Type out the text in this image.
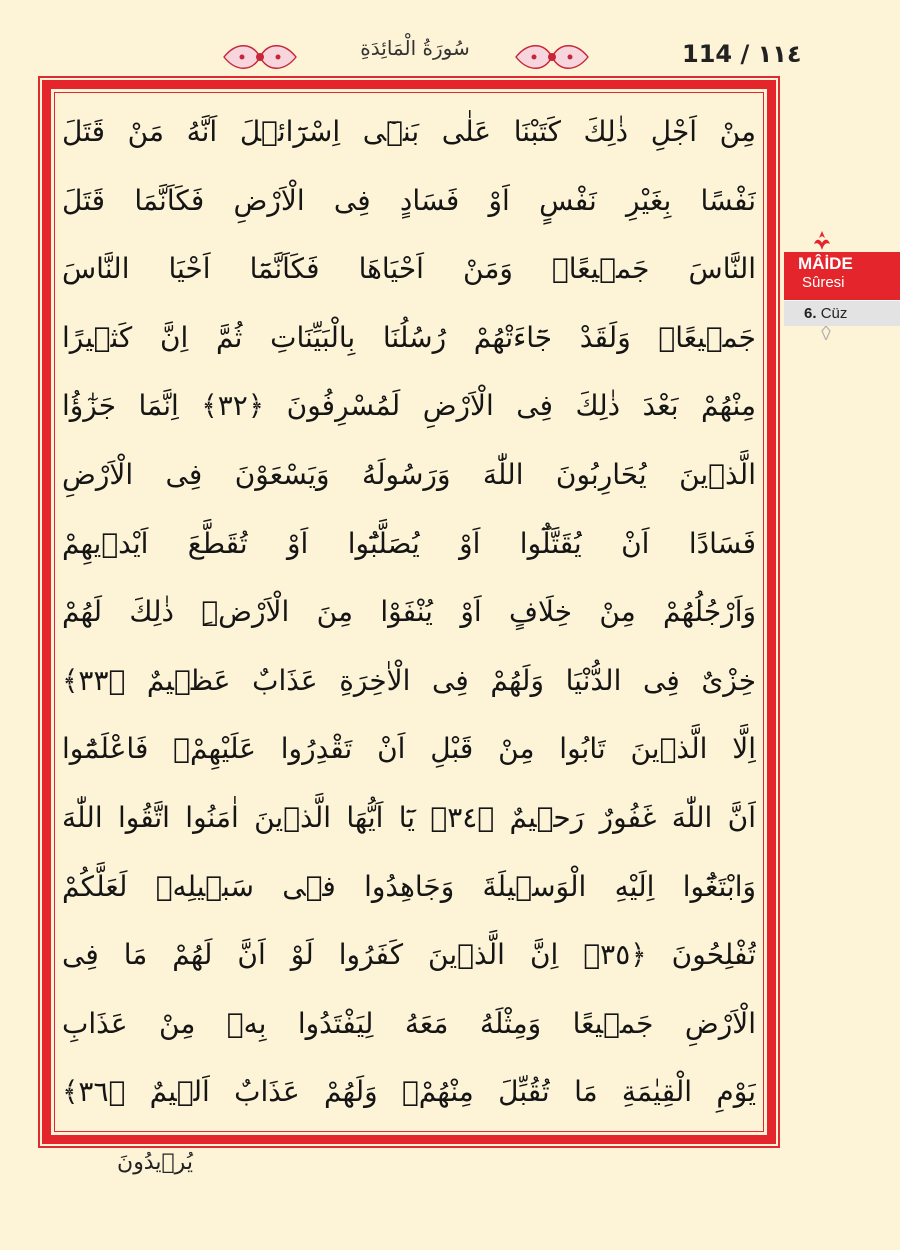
سُورَةُ الْمَائِدَةِ	114 / ١١٤
مِنْ اَجْلِ ذٰلِكَ كَتَبْنَا عَلٰى بَنٖٓى اِسْرَٓائٖلَ اَنَّهُ مَنْ قَتَلَ
نَفْسًا بِغَيْرِ نَفْسٍ اَوْ فَسَادٍ فِى الْاَرْضِ فَكَاَنَّمَا قَتَلَ
النَّاسَ جَمٖيعًاۜ وَمَنْ اَحْيَاهَا فَكَاَنَّمَٓا اَحْيَا النَّاسَ
جَمٖيعًاۜ وَلَقَدْ جَٓاءَتْهُمْ رُسُلُنَا بِالْبَيِّنَاتِ ثُمَّ اِنَّ كَثٖيرًا
مِنْهُمْ بَعْدَ ذٰلِكَ فِى الْاَرْضِ لَمُسْرِفُونَ ﴿٣٢﴾ اِنَّمَا جَزٰٓؤُا
الَّذٖينَ يُحَارِبُونَ اللّٰهَ وَرَسُولَهُ وَيَسْعَوْنَ فِى الْاَرْضِ
فَسَادًا اَنْ يُقَتَّلُٓوا اَوْ يُصَلَّبُٓوا اَوْ تُقَطَّعَ اَيْدٖيهِمْ
وَاَرْجُلُهُمْ مِنْ خِلَافٍ اَوْ يُنْفَوْا مِنَ الْاَرْضِۜ ذٰلِكَ لَهُمْ
خِزْىٌ فِى الدُّنْيَا وَلَهُمْ فِى الْاٰخِرَةِ عَذَابٌ عَظٖيمٌ ﴿٣٣﴾
اِلَّا الَّذٖينَ تَابُوا مِنْ قَبْلِ اَنْ تَقْدِرُوا عَلَيْهِمْۚ فَاعْلَمُٓوا
اَنَّ اللّٰهَ غَفُورٌ رَحٖيمٌ ﴿٣٤﴾ يَٓا اَيُّهَا الَّذٖينَ اٰمَنُوا اتَّقُوا اللّٰهَ
وَابْتَغُٓوا اِلَيْهِ الْوَسٖيلَةَ وَجَاهِدُوا فٖى سَبٖيلِهٖ لَعَلَّكُمْ
تُفْلِحُونَ ﴿٣٥﴾ اِنَّ الَّذٖينَ كَفَرُوا لَوْ اَنَّ لَهُمْ مَا فِى
الْاَرْضِ جَمٖيعًا وَمِثْلَهُ مَعَهُ لِيَفْتَدُوا بِهٖ مِنْ عَذَابِ
يَوْمِ الْقِيٰمَةِ مَا تُقُبِّلَ مِنْهُمْۚ وَلَهُمْ عَذَابٌ اَلٖيمٌ ﴿٣٦﴾
يُرٖيدُونَ
MÂİDE
Sûresi
6. Cüz
